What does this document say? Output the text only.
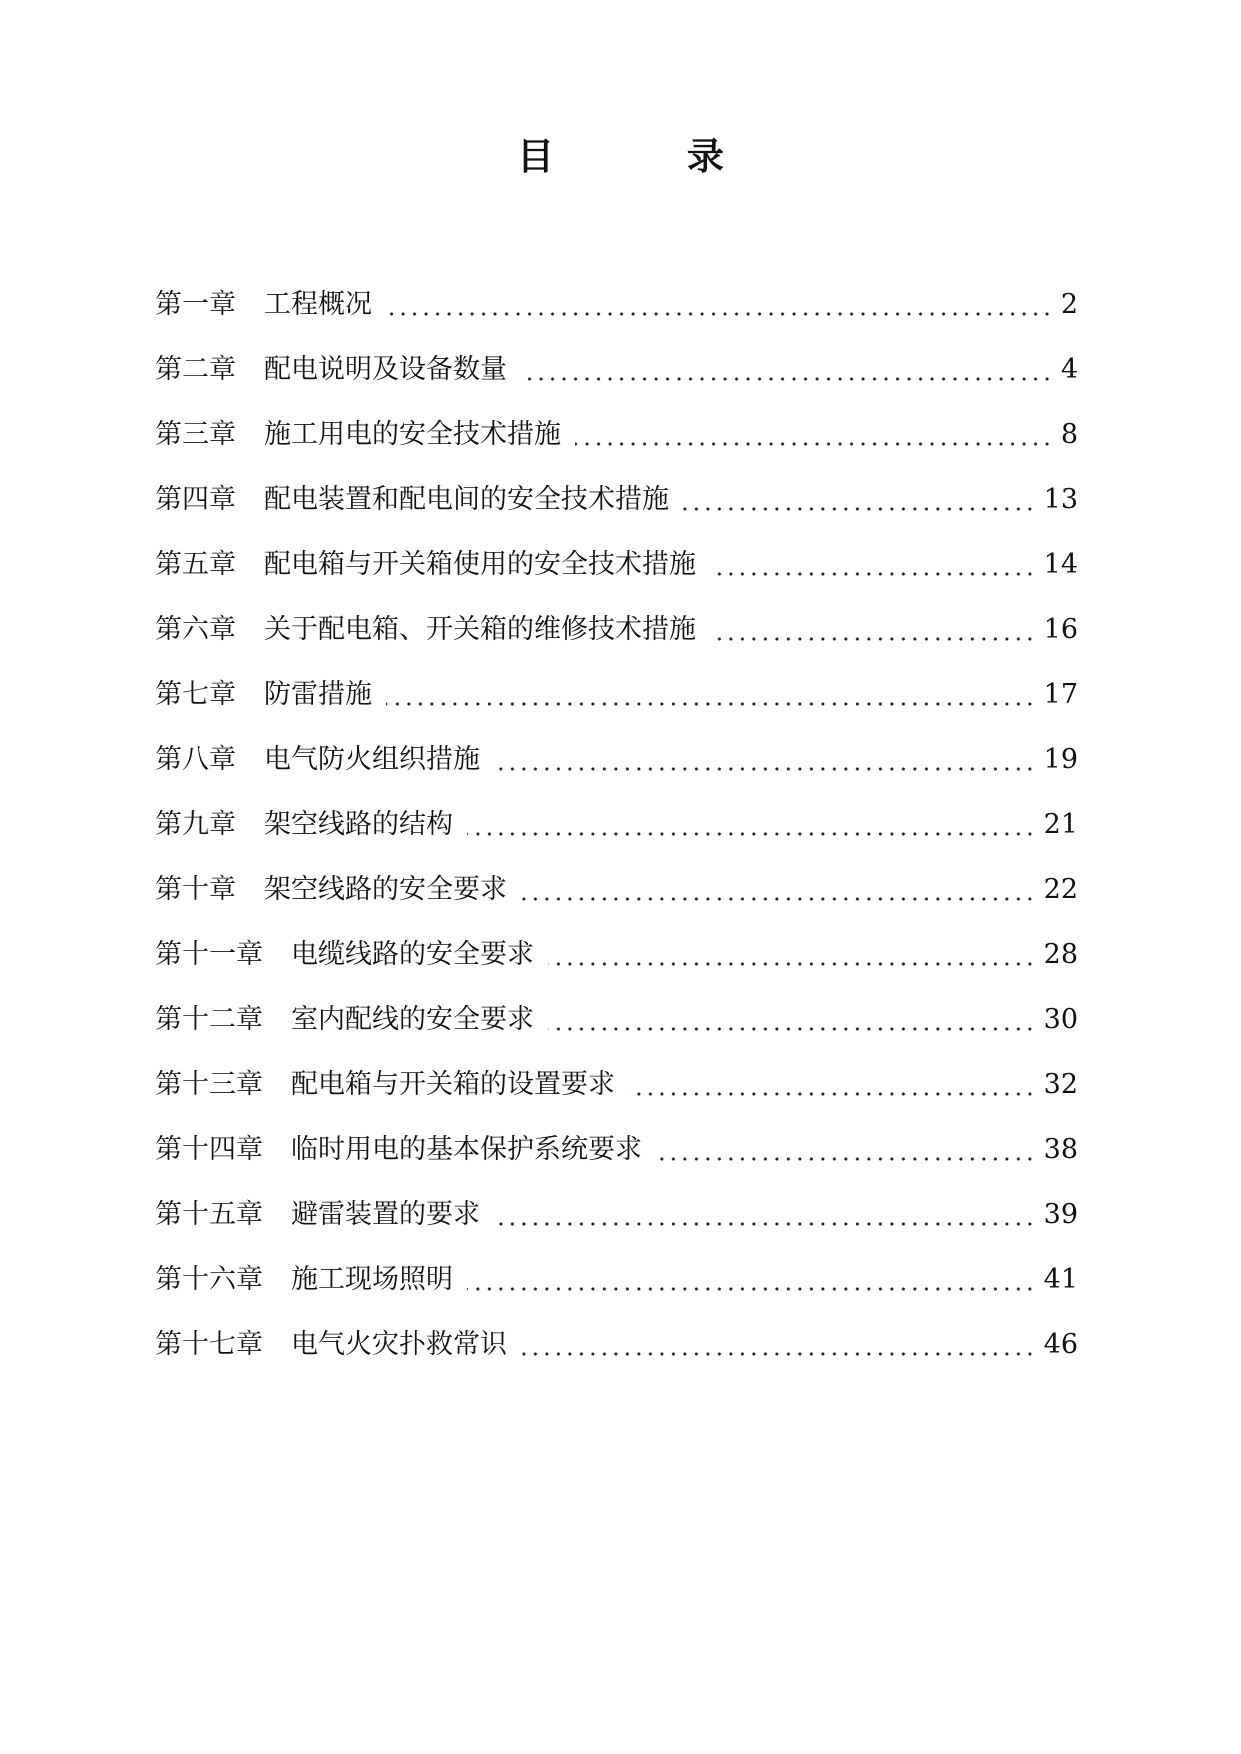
目 录
第一章 工程概况	2
第二章 配电说明及设备数量	4
第三章 施工用电的安全技术措施	8
第四章 配电装置和配电间的安全技术措施	13
第五章 配电箱与开关箱使用的安全技术措施	14
第六章 关于配电箱、开关箱的维修技术措施	16
第七章 防雷措施	17
第八章 电气防火组织措施	19
第九章 架空线路的结构	21
第十章 架空线路的安全要求	22
第十一章 电缆线路的安全要求	28
第十二章 室内配线的安全要求	30
第十三章 配电箱与开关箱的设置要求	32
第十四章 临时用电的基本保护系统要求	38
第十五章 避雷装置的要求	39
第十六章 施工现场照明	41
第十七章 电气火灾扑救常识	46
